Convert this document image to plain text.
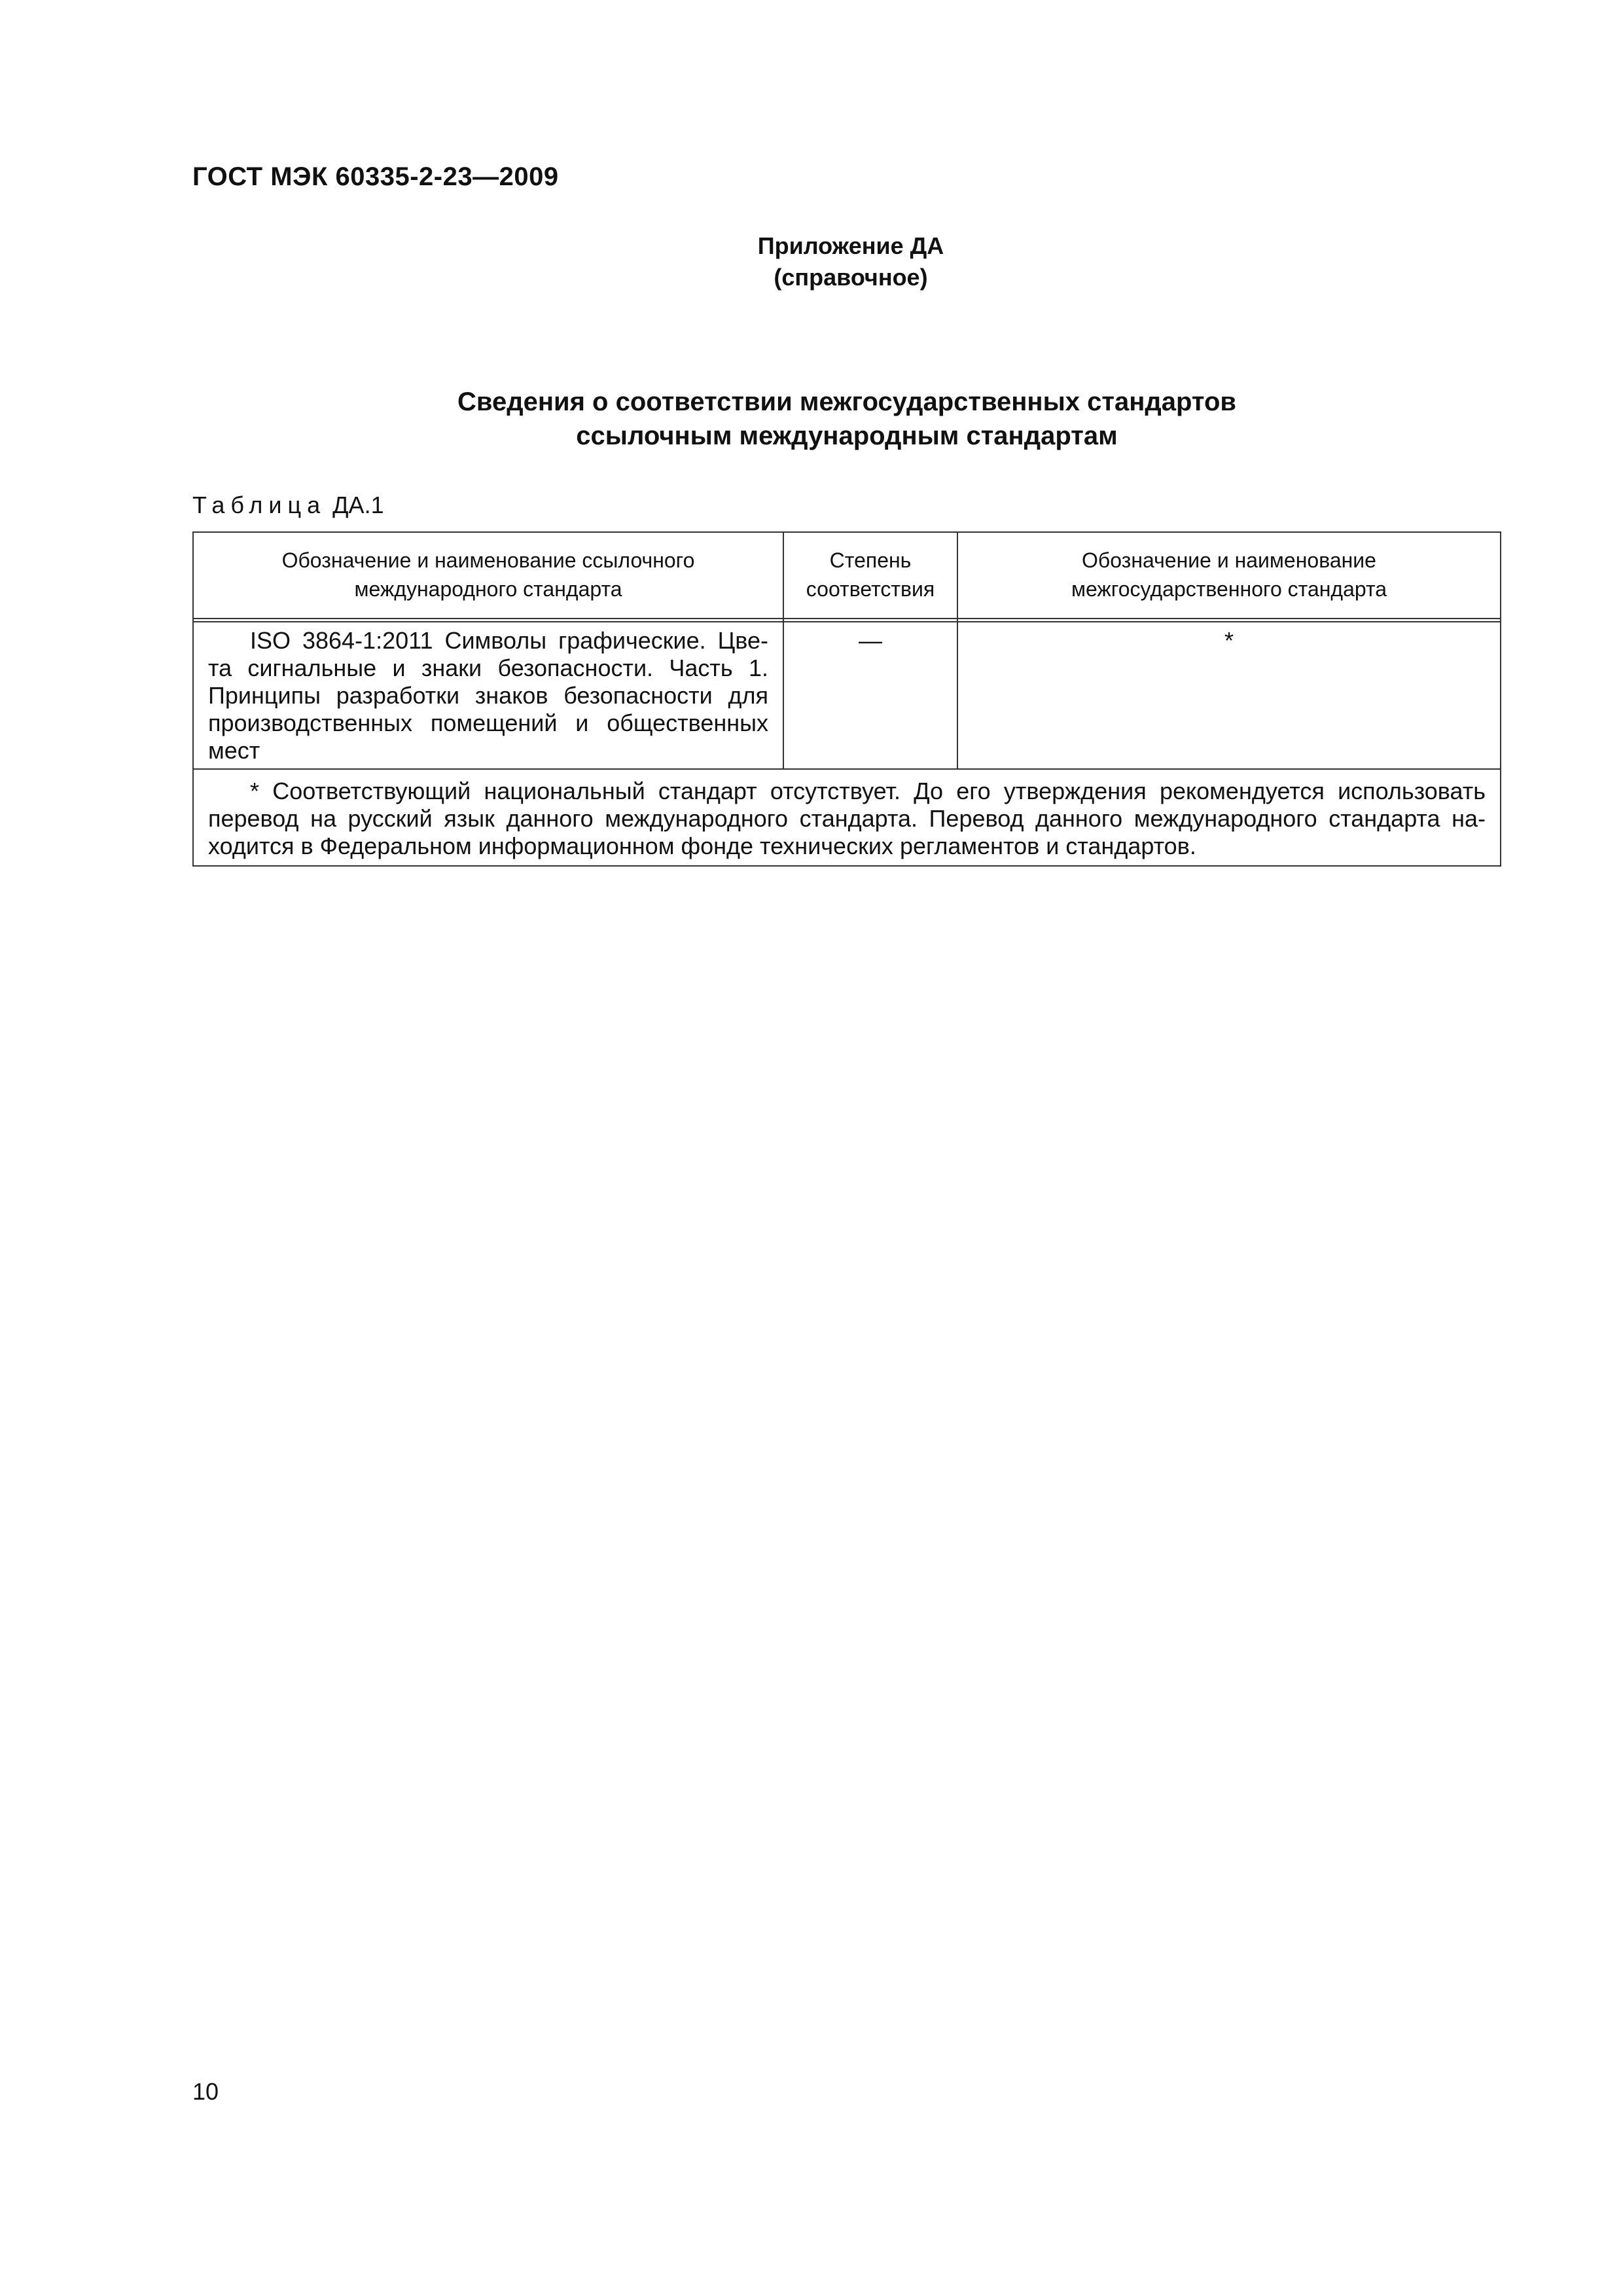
ГОСТ МЭК 60335-2-23—2009
Приложение ДА
(справочное)
Сведения о соответствии межгосударственных стандартов
ссылочным международным стандартам
Таблица ДА.1
Обозначение и наименование ссылочного
международного стандарта
Степень
соответствия
Обозначение и наименование
межгосударственного стандарта
ISO 3864-1:2011 Символы графические. Цве-
та сигнальные и знаки безопасности. Часть 1.
Принципы разработки знаков безопасности для
производственных помещений и общественных
мест
—	*
* Соответствующий национальный стандарт отсутствует. До его утверждения рекомендуется использовать
перевод на русский язык данного международного стандарта. Перевод данного международного стандарта на-
ходится в Федеральном информационном фонде технических регламентов и стандартов.
10
